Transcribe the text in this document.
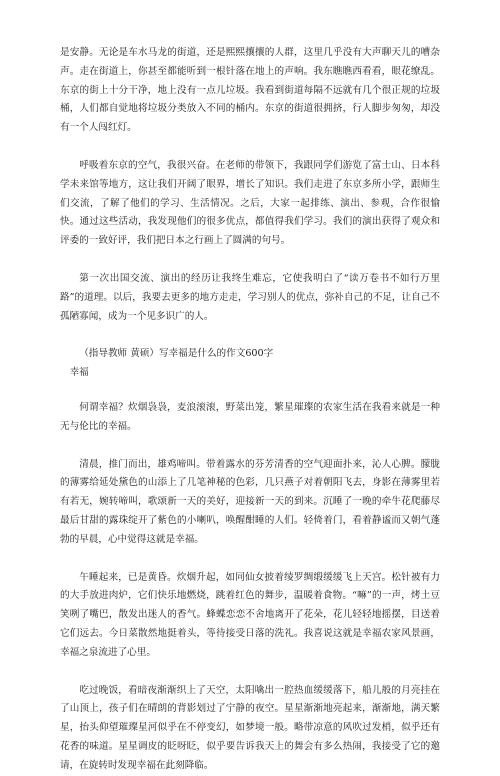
是安静。无论是车水马龙的街道，还是熙熙攘攘的人群，这里几乎没有大声聊天儿的嘈杂声。走在街道上，你甚至都能听到一根针落在地上的声响。我东瞧瞧西看看，眼花缭乱。东京的街上十分干净，地上没有一点儿垃圾。我看到街道每隔不远就有几个很正规的垃圾桶，人们都自觉地将垃圾分类放入不同的桶内。东京的街道很拥挤，行人脚步匆匆，却没有一个人闯红灯。

呼吸着东京的空气，我很兴奋。在老师的带领下，我跟同学们游览了富士山、日本科学未来馆等地方，这让我们开阔了眼界，增长了知识。我们走进了东京多所小学，跟师生们交流，了解了他们的学习、生活情况。之后，大家一起排练、演出、参观，合作很愉快。通过这些活动，我发现他们的很多优点，都值得我们学习。我们的演出获得了观众和评委的一致好评，我们把日本之行画上了圆满的句号。

第一次出国交流、演出的经历让我终生难忘，它使我明白了“读万卷书不如行万里路”的道理。以后，我要去更多的地方走走，学习别人的优点，弥补自己的不足，让自己不孤陋寡闻，成为一个见多识广的人。

（指导教师 黄硕）写幸福是什么的作文600字

幸福

何谓幸福？炊烟袅袅，麦浪滚滚，野菜出笼，繁星璀璨的农家生活在我看来就是一种无与伦比的幸福。

清晨，推门而出，雄鸡啼叫。带着露水的芬芳清香的空气迎面扑来，沁人心脾。朦胧的薄雾给延处黛色的山添上了几笔神秘的色彩，几只燕子对着朝阳飞去，身影在薄雾里若有若无，婉转啼叫，歌颂新一天的美好，迎接新一天的到来。沉睡了一晚的牵牛花爬藤尽最后甘甜的露珠绽开了紫色的小喇叭，唤醒酣睡的人们。轻倚着门，看着静谧而又朝气蓬勃的早晨，心中觉得这就是幸福。

午睡起来，已是黄昏。炊烟升起，如同仙女披着绫罗绸缎缓缓飞上天宫。松针被有力的大手放进肉炉，它们快乐地燃烧，跳着红色的舞步，温暖着食物。“嘛”的一声，烤土豆笑咧了嘴巴，散发出迷人的香气。蜂蝶恋恋不舍地离开了花朵，花儿轻轻地摇摆，目送着它们远去。今日菜散然地挺着头，等待接受日落的洗礼。我喜说这就是幸福农家风景画，幸福之泉流进了心里。

吃过晚饭，看暗夜渐渐织上了天空，太阳噙出一腔热血缓缓落下，船儿般的月亮挂在了山顶上，孩子们在晴朗的背影划过了宁静的夜空。星星渐渐地亮起来，渐渐地，满天繁星，抬头仰望璀璨星河似乎在不停变幻，如梦境一般。略带凉意的风吹过发梢，似乎还有花香的味道。星星调皮的眨呀眨，似乎要告诉我天上的舞会有多么热闹，我接受了它的邀请，在旋转时发现幸福在此刻降临。
